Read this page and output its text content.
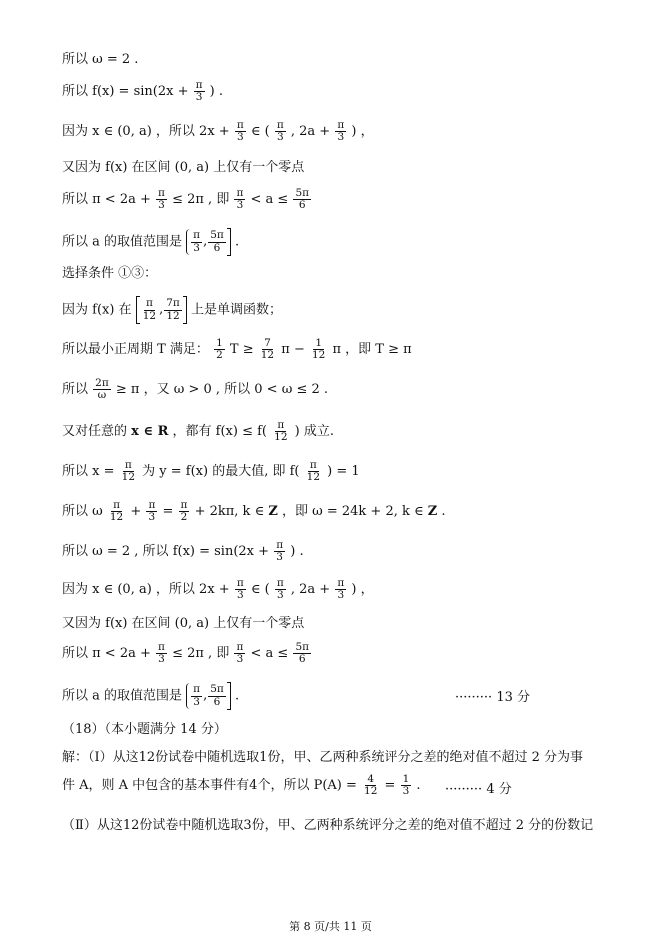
所以 ω = 2 .
所以 $f(x) = \sin(2x + \frac{\pi}{3}$ ) .
因为 x ∈ (0, a) ，所以 $2x + \frac{\pi}{3}$ ∈ ( $\frac{\pi}{3}$ , $2a + \frac{\pi}{3}$ ) ，
又因为 f(x) 在区间 (0, a) 上仅有一个零点
所以 $\pi < 2a + \frac{\pi}{3} \le 2\pi$ , 即 $\frac{\pi}{3} < a \le \frac{5\pi}{6}$
所以 a 的取值范围是 $\frac{\pi}{3}$ , $\frac{5\pi}{6}$ .
选择条件 ①③：
因为 f(x) 在 $\frac{\pi}{12}$ , $\frac{7\pi}{12}$ 上是单调函数；
所以最小正周期 T 满足： $\frac{1}{2}$ $T \ge \frac{7}{12}$ $\pi - \frac{1}{12}$ π ，即 T ≥ π
所以 $\frac{2\pi}{\omega} \ge \pi$ ，又 ω > 0 , 所以 0 < ω ≤ 2 .
又对任意的 x ∈ R ，都有 $f(x) \le f( \frac{\pi}{12}$ ) 成立.
所以 $x = \frac{\pi}{12}$ 为 y = f(x) 的最大值, 即 $f( \frac{\pi}{12}$ ) = 1
所以 ω $\frac{\pi}{12} + \frac{\pi}{3} = \frac{\pi}{2} + 2k\pi$, k ∈ Z ，即 ω = 24k + 2, k ∈ Z .
所以 ω = 2 , 所以 $f(x) = \sin(2x + \frac{\pi}{3}$ ) .
因为 x ∈ (0, a) ，所以 $2x + \frac{\pi}{3}$ ∈ ( $\frac{\pi}{3}$ , $2a + \frac{\pi}{3}$ ) ，
又因为 f(x) 在区间 (0, a) 上仅有一个零点
所以 $\pi < 2a + \frac{\pi}{3} \le 2\pi$ , 即 $\frac{\pi}{3} < a \le \frac{5\pi}{6}$
所以 a 的取值范围是 $\frac{\pi}{3}$ , $\frac{5\pi}{6}$ .	········· 13 分
（18）（本小题满分 14 分）
解：（Ⅰ）从这12份试卷中随机选取1份，甲、乙两种系统评分之差的绝对值不超过 2 分为事
件 A，则 A 中包含的基本事件有4个，所以 $P(A) = \frac{4}{12} = \frac{1}{3}$ . ········· 4 分
（Ⅱ）从这12份试卷中随机选取3份，甲、乙两种系统评分之差的绝对值不超过 2 分的份数记
第 8 页/共 11 页
